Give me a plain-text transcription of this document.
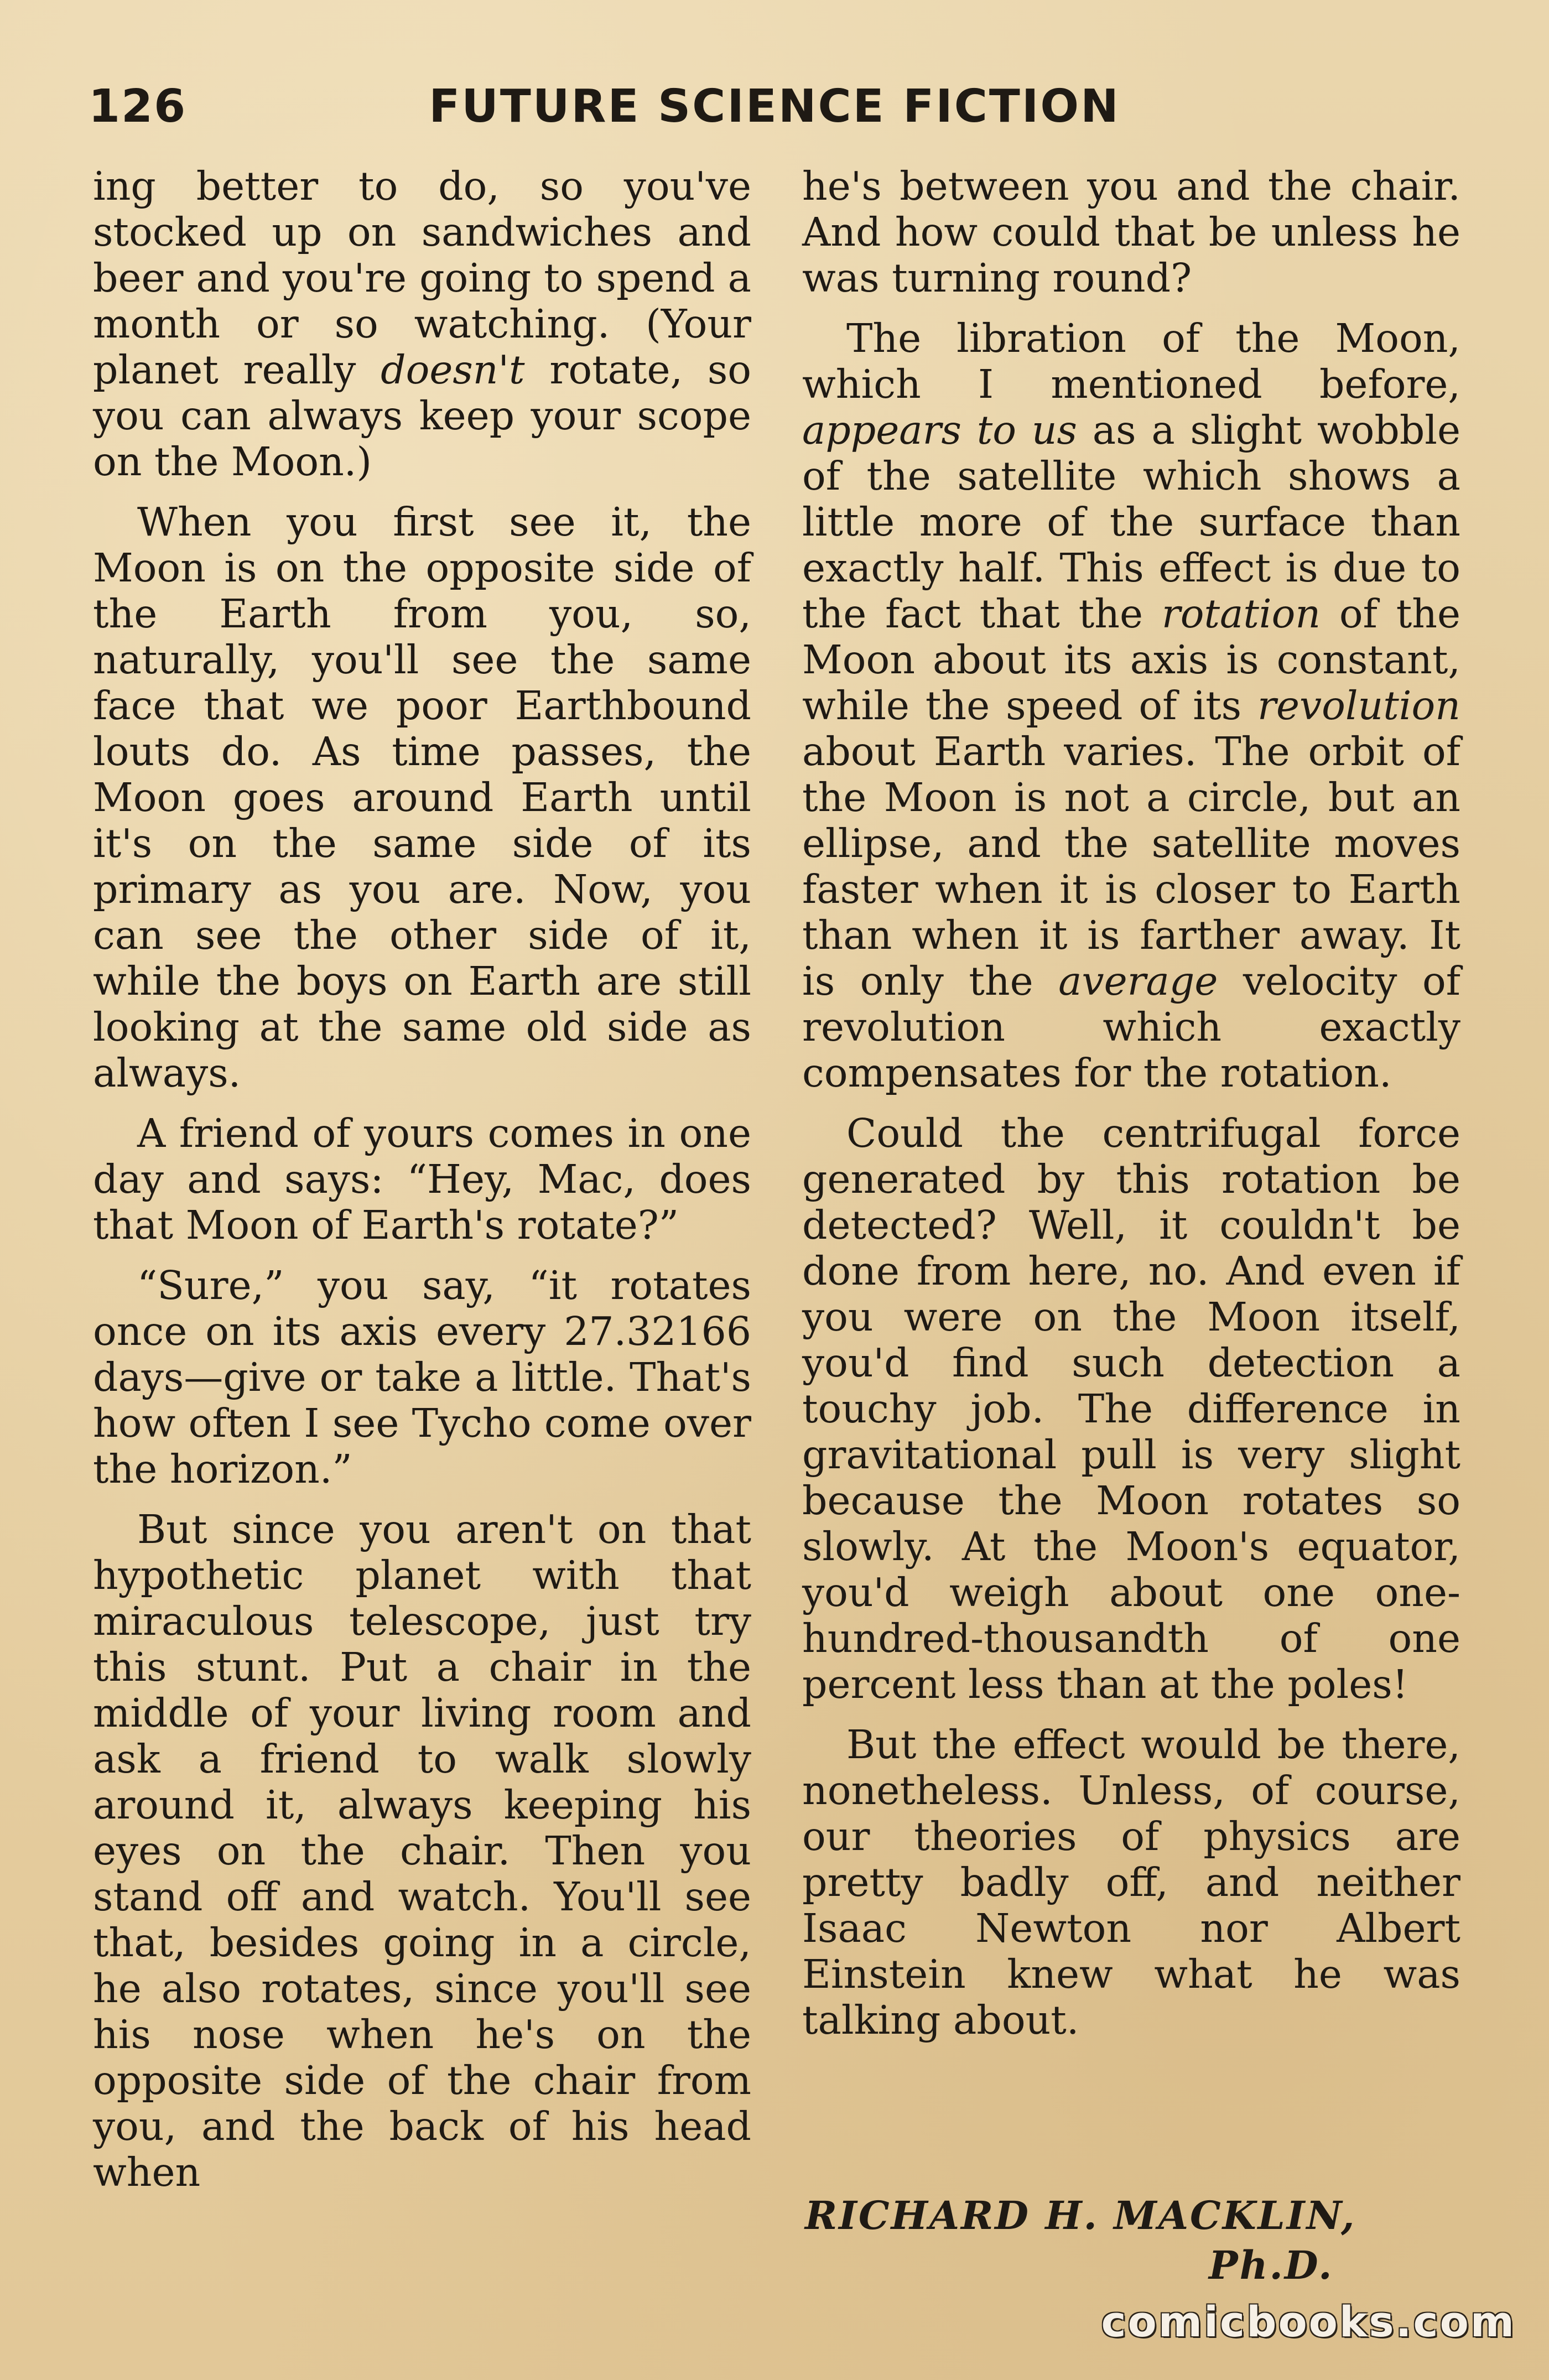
126	FUTURE SCIENCE FICTION

ing better to do, so you've stocked up on sandwiches and beer and you're going to spend a month or so watching. (Your planet really doesn't rotate, so you can always keep your scope on the Moon.)

When you first see it, the Moon is on the opposite side of the Earth from you, so, naturally, you'll see the same face that we poor Earthbound louts do. As time passes, the Moon goes around Earth until it's on the same side of its primary as you are. Now, you can see the other side of it, while the boys on Earth are still looking at the same old side as always.

A friend of yours comes in one day and says: “Hey, Mac, does that Moon of Earth's rotate?”

“Sure,” you say, “it rotates once on its axis every 27.32166 days—give or take a little. That's how often I see Tycho come over the horizon.”

But since you aren't on that hypothetic planet with that miraculous telescope, just try this stunt. Put a chair in the middle of your living room and ask a friend to walk slowly around it, always keeping his eyes on the chair. Then you stand off and watch. You'll see that, besides going in a circle, he also rotates, since you'll see his nose when he's on the opposite side of the chair from you, and the back of his head when

he's between you and the chair. And how could that be unless he was turning round?

The libration of the Moon, which I mentioned before, appears to us as a slight wobble of the satellite which shows a little more of the surface than exactly half. This effect is due to the fact that the rotation of the Moon about its axis is constant, while the speed of its revolution about Earth varies. The orbit of the Moon is not a circle, but an ellipse, and the satellite moves faster when it is closer to Earth than when it is farther away. It is only the average velocity of revolution which exactly compensates for the rotation.

Could the centrifugal force generated by this rotation be detected? Well, it couldn't be done from here, no. And even if you were on the Moon itself, you'd find such detection a touchy job. The difference in gravitational pull is very slight because the Moon rotates so slowly. At the Moon's equator, you'd weigh about one one-hundred-thousandth of one percent less than at the poles!

But the effect would be there, nonetheless. Unless, of course, our theories of physics are pretty badly off, and neither Isaac Newton nor Albert Einstein knew what he was talking about.

RICHARD H. MACKLIN,
Ph.D.
comicbooks.com
